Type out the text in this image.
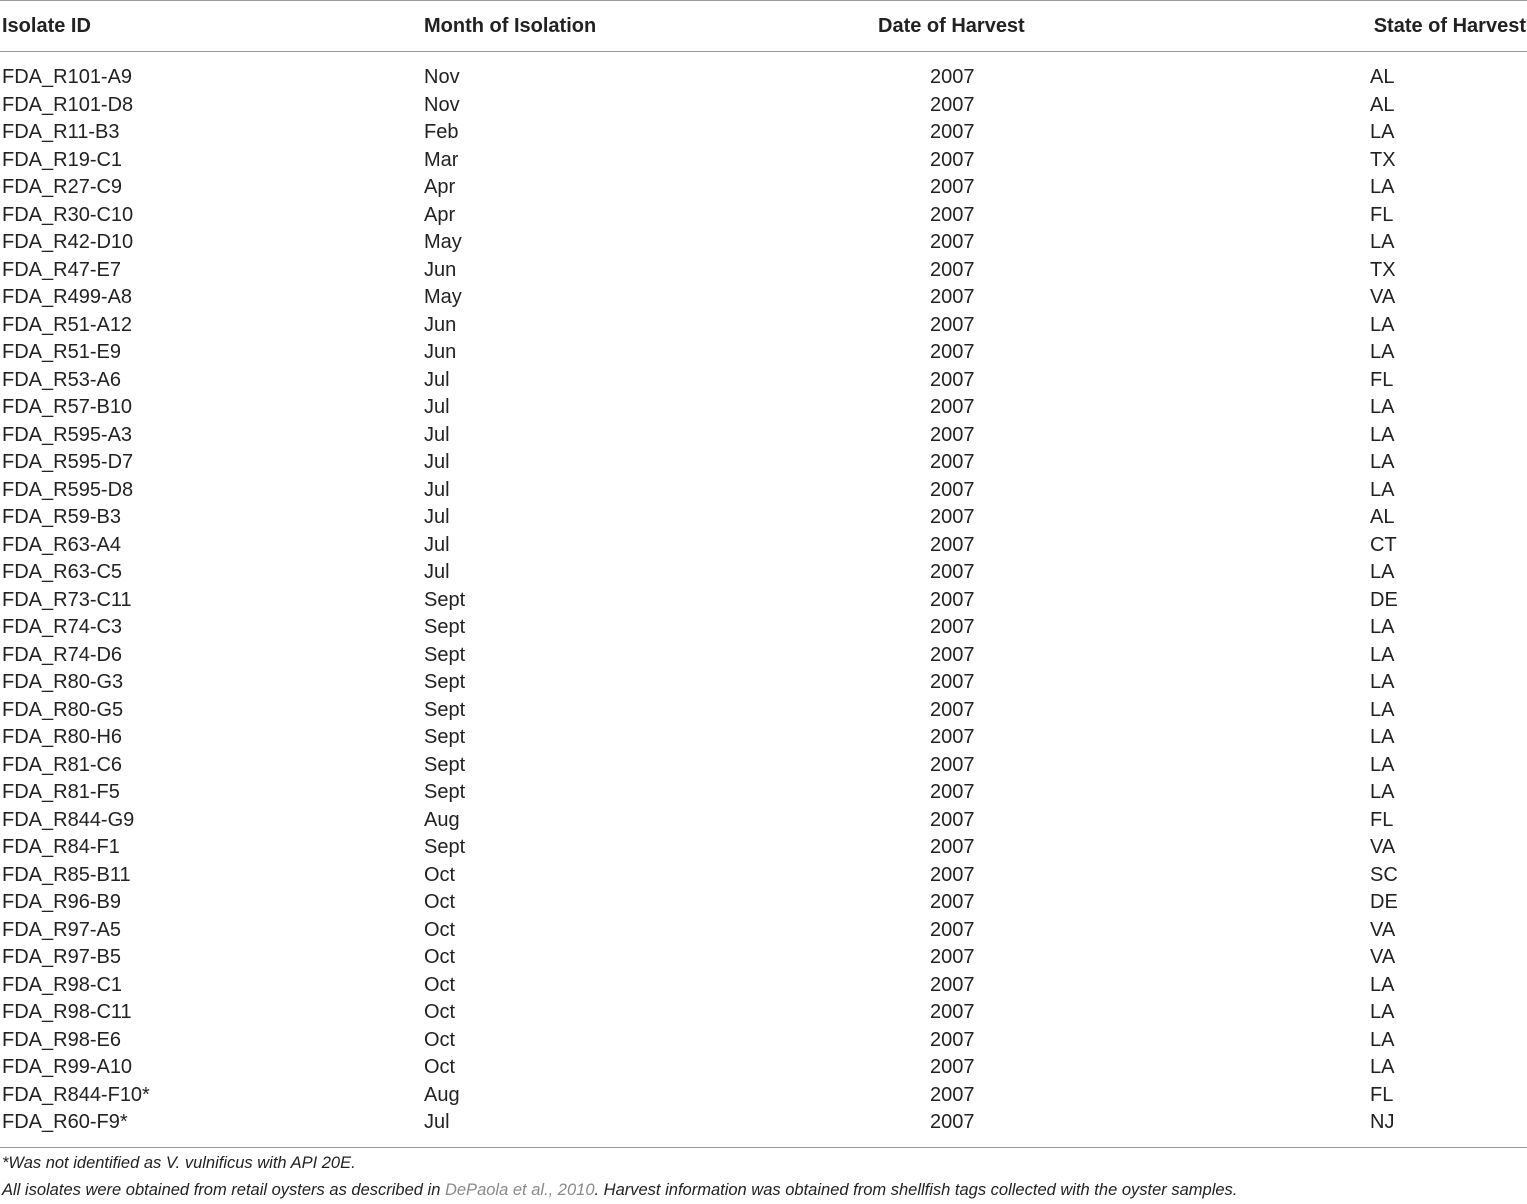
Isolate ID	Month of Isolation	Date of Harvest	State of Harvest
FDA_R101-A9	Nov	2007	AL
FDA_R101-D8	Nov	2007	AL
FDA_R11-B3	Feb	2007	LA
FDA_R19-C1	Mar	2007	TX
FDA_R27-C9	Apr	2007	LA
FDA_R30-C10	Apr	2007	FL
FDA_R42-D10	May	2007	LA
FDA_R47-E7	Jun	2007	TX
FDA_R499-A8	May	2007	VA
FDA_R51-A12	Jun	2007	LA
FDA_R51-E9	Jun	2007	LA
FDA_R53-A6	Jul	2007	FL
FDA_R57-B10	Jul	2007	LA
FDA_R595-A3	Jul	2007	LA
FDA_R595-D7	Jul	2007	LA
FDA_R595-D8	Jul	2007	LA
FDA_R59-B3	Jul	2007	AL
FDA_R63-A4	Jul	2007	CT
FDA_R63-C5	Jul	2007	LA
FDA_R73-C11	Sept	2007	DE
FDA_R74-C3	Sept	2007	LA
FDA_R74-D6	Sept	2007	LA
FDA_R80-G3	Sept	2007	LA
FDA_R80-G5	Sept	2007	LA
FDA_R80-H6	Sept	2007	LA
FDA_R81-C6	Sept	2007	LA
FDA_R81-F5	Sept	2007	LA
FDA_R844-G9	Aug	2007	FL
FDA_R84-F1	Sept	2007	VA
FDA_R85-B11	Oct	2007	SC
FDA_R96-B9	Oct	2007	DE
FDA_R97-A5	Oct	2007	VA
FDA_R97-B5	Oct	2007	VA
FDA_R98-C1	Oct	2007	LA
FDA_R98-C11	Oct	2007	LA
FDA_R98-E6	Oct	2007	LA
FDA_R99-A10	Oct	2007	LA
FDA_R844-F10*	Aug	2007	FL
FDA_R60-F9*	Jul	2007	NJ
*Was not identified as V. vulnificus with API 20E.
All isolates were obtained from retail oysters as described in DePaola et al., 2010. Harvest information was obtained from shellfish tags collected with the oyster samples.
